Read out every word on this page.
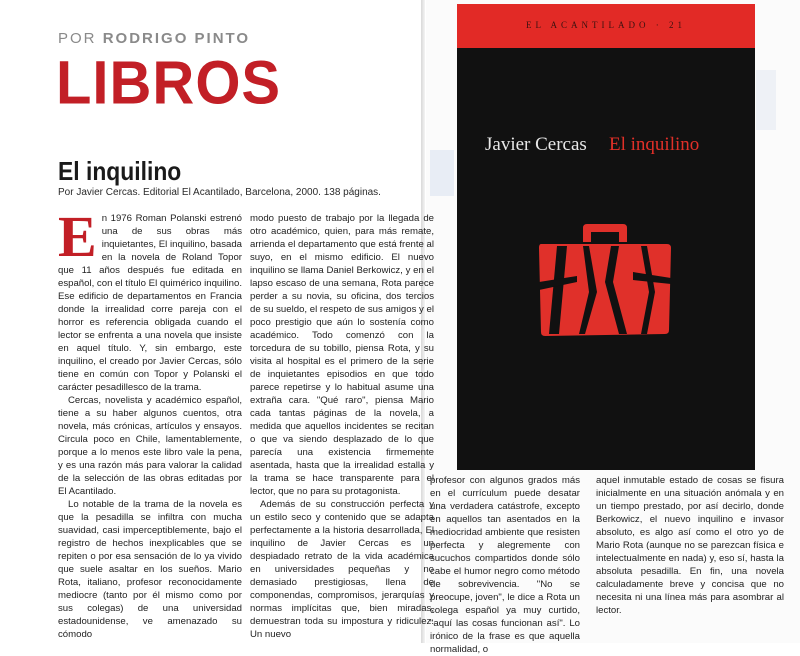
POR RODRIGO PINTO
LIBROS
El inquilino
Por Javier Cercas. Editorial El Acantilado, Barcelona, 2000. 138 páginas.
E n 1976 Roman Polanski estrenó una de sus obras más inquietantes, El inquilino, basada en la novela de Roland Topor que 11 años después fue editada en español, con el título El quimérico inquilino. Ese edificio de departamentos en Francia donde la irrealidad corre pareja con el horror es referencia obligada cuando el lector se enfrenta a una novela que insiste en aquel título. Y, sin embargo, este inquilino, el creado por Javier Cercas, sólo tiene en común con Topor y Polanski el carácter pesadillesco de la trama.

Cercas, novelista y académico español, tiene a su haber algunos cuentos, otra novela, más crónicas, artículos y ensayos. Circula poco en Chile, lamentablemente, porque a lo menos este libro vale la pena, y es una razón más para valorar la calidad de la selección de las obras editadas por El Acantilado.

Lo notable de la trama de la novela es que la pesadilla se infiltra con mucha suavidad, casi imperceptiblemente, bajo el registro de hechos inexplicables que se repiten o por esa sensación de lo ya vivido que suele asaltar en los sueños. Mario Rota, italiano, profesor reconocidamente mediocre (tanto por él mismo como por sus colegas) de una universidad estadounidense, ve amenazado su cómodo

modo puesto de trabajo por la llegada de otro académico, quien, para más remate, arrienda el departamento que está frente al suyo, en el mismo edificio. El nuevo inquilino se llama Daniel Berkowicz, y en el lapso escaso de una semana, Rota parece perder a su novia, su oficina, dos tercios de su sueldo, el respeto de sus amigos y el poco prestigio que aún lo sostenía como académico. Todo comenzó con la torcedura de su tobillo, piensa Rota, y su visita al hospital es el primero de la serie de inquietantes episodios en que todo parece repetirse y lo habitual asume una extraña cara. "Qué raro", piensa Mario cada tantas páginas de la novela, a medida que aquellos incidentes se recitan o que va siendo desplazado de lo que parecía una existencia firmemente asentada, hasta que la irrealidad estalla y la trama se hace transparente para el lector, que no para su protagonista.

Además de su construcción perfecta y un estilo seco y contenido que se adapta perfectamente a la historia desarrollada, El inquilino de Javier Cercas es un despiadado retrato de la vida académica en universidades pequeñas y no demasiado prestigiosas, llena de componendas, compromisos, jerarquías y normas implícitas que, bien miradas, demuestran toda su impostura y ridiculez. Un nuevo

EL ACANTILADO · 21
Javier Cercas El inquilino

profesor con algunos grados más en el currículum puede desatar una verdadera catástrofe, excepto en aquellos tan asentados en la mediocridad ambiente que resisten perfecta y alegremente con sucuchos compartidos donde sólo cabe el humor negro como método de sobrevivencia. "No se preocupe, joven", le dice a Rota un colega español ya muy curtido, "aquí las cosas funcionan así". Lo irónico de la frase es que aquella normalidad, o

aquel inmutable estado de cosas se fisura inicialmente en una situación anómala y en un tiempo prestado, por así decirlo, donde Berkowicz, el nuevo inquilino e invasor absoluto, es algo así como el otro yo de Mario Rota (aunque no se parezcan física e intelectualmente en nada) y, eso sí, hasta la absoluta pesadilla. En fin, una novela calculadamente breve y concisa que no necesita ni una línea más para asombrar al lector.
